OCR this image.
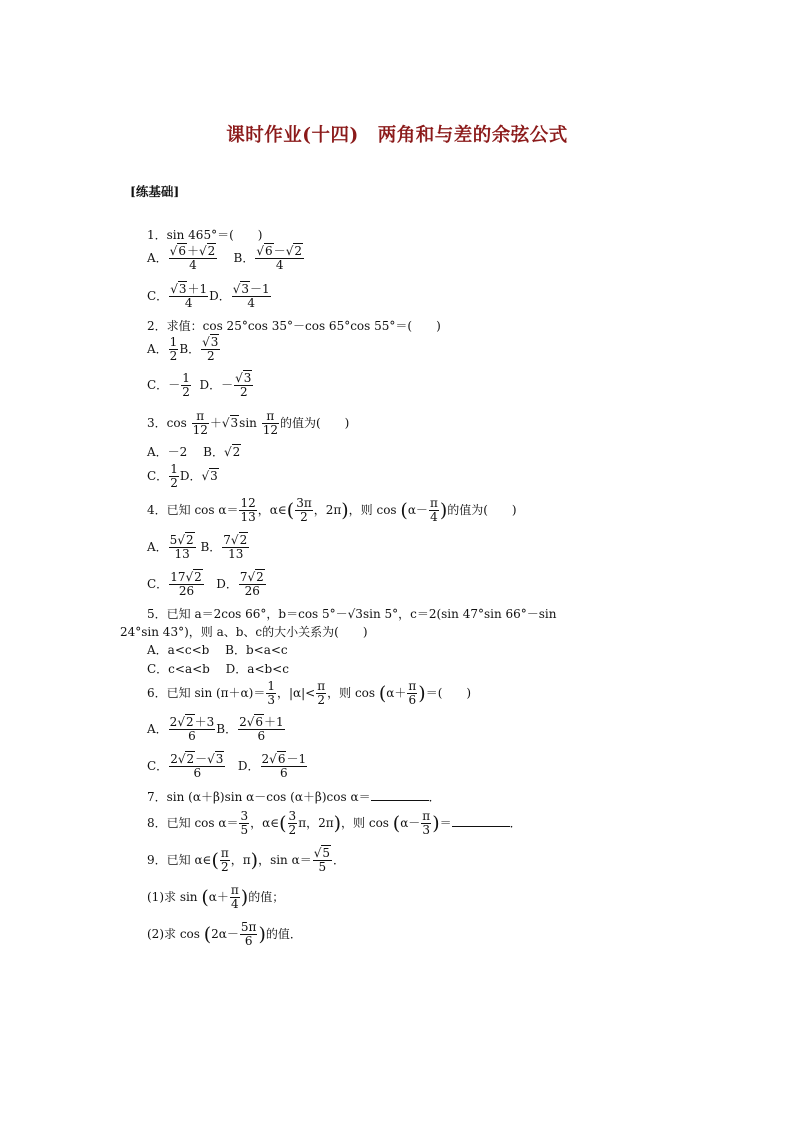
课时作业(十四)　两角和与差的余弦公式
[练基础]
1．sin 465°＝(　　)
A． $\frac{√6+√2}{4}$ B． $\frac{√6-√2}{4}$
C． $\frac{√3+1}{4}$ D． $\frac{√3-1}{4}$
2．求值：cos 25°cos 35°－cos 65°cos 55°＝(　　)
A． $\frac{1}{2}$ B． $\frac{√3}{2}$
C．－ $\frac{1}{2}$ D．－ $\frac{√3}{2}$
3．$\cos \frac{\pi}{12} +√3\sin \frac{\pi}{12}$ 的值为(　　)
A．－2　 B．√2
C． $\frac{1}{2}$ D．√3
4．已知 $\cos \alpha= \frac{12}{13}$ ，α∈( $\frac{3\pi}{2}$ ，2π)，则 $\cos (\alpha- \frac{\pi}{4}$ )的值为(　　)
A． $\frac{5√2}{13}$ B． $\frac{7√2}{13}$
C． $\frac{17√2}{26}$ D． $\frac{7√2}{26}$
5．已知 a＝2cos 66°，b＝cos 5°－√3sin 5°，c＝2(sin 47°sin 66°－sin
24°sin 43°)，则 a、b、c的大小关系为(　　)
A．a<c<b　 B．b<a<c
C．c<a<b　 D．a<b<c
6．已知 $\sin (\pi+\alpha)= \frac{1}{3}$ ，$|\alpha|< \frac{\pi}{2}$ ，则 $\cos (\alpha+ \frac{\pi}{6}$ )＝(　　)
A． $\frac{2√2+3}{6}$ B． $\frac{2√6+1}{6}$
C． $\frac{2√2-√3}{6}$ D． $\frac{2√6-1}{6}$
7．sin (α＋β)sin α－cos (α＋β)cos α＝	．
8．已知 $\cos \alpha= \frac{3}{5}$ ，α∈( $\frac{3}{2}$ π，2π)，则 $\cos (\alpha- \frac{\pi}{3}$ )＝	．
9．已知 α∈( $\frac{\pi}{2}$ ，π)，$\sin \alpha= \frac{√5}{5}$ ．
(1)求 $\sin (\alpha+ \frac{\pi}{4}$ )的值；
(2)求 $\cos (2\alpha- \frac{5\pi}{6}$ )的值．
